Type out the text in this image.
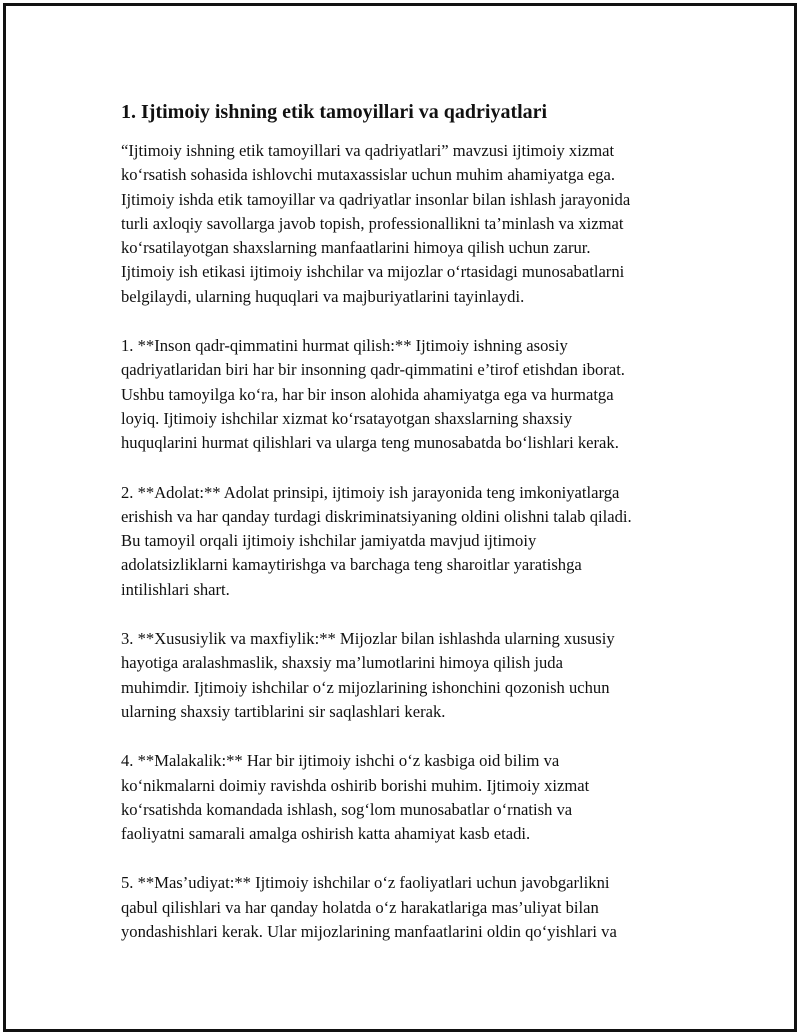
1. Ijtimoiy ishning etik tamoyillari va qadriyatlari

“Ijtimoiy ishning etik tamoyillari va qadriyatlari” mavzusi ijtimoiy xizmat
ko‘rsatish sohasida ishlovchi mutaxassislar uchun muhim ahamiyatga ega.
Ijtimoiy ishda etik tamoyillar va qadriyatlar insonlar bilan ishlash jarayonida
turli axloqiy savollarga javob topish, professionallikni ta’minlash va xizmat
ko‘rsatilayotgan shaxslarning manfaatlarini himoya qilish uchun zarur.
Ijtimoiy ish etikasi ijtimoiy ishchilar va mijozlar o‘rtasidagi munosabatlarni
belgilaydi, ularning huquqlari va majburiyatlarini tayinlaydi.

1. **Inson qadr-qimmatini hurmat qilish:** Ijtimoiy ishning asosiy
qadriyatlaridan biri har bir insonning qadr-qimmatini e’tirof etishdan iborat.
Ushbu tamoyilga ko‘ra, har bir inson alohida ahamiyatga ega va hurmatga
loyiq. Ijtimoiy ishchilar xizmat ko‘rsatayotgan shaxslarning shaxsiy
huquqlarini hurmat qilishlari va ularga teng munosabatda bo‘lishlari kerak.

2. **Adolat:** Adolat prinsipi, ijtimoiy ish jarayonida teng imkoniyatlarga
erishish va har qanday turdagi diskriminatsiyaning oldini olishni talab qiladi.
Bu tamoyil orqali ijtimoiy ishchilar jamiyatda mavjud ijtimoiy
adolatsizliklarni kamaytirishga va barchaga teng sharoitlar yaratishga
intilishlari shart.

3. **Xususiylik va maxfiylik:** Mijozlar bilan ishlashda ularning xususiy
hayotiga aralashmaslik, shaxsiy ma’lumotlarini himoya qilish juda
muhimdir. Ijtimoiy ishchilar o‘z mijozlarining ishonchini qozonish uchun
ularning shaxsiy tartiblarini sir saqlashlari kerak.

4. **Malakalik:** Har bir ijtimoiy ishchi o‘z kasbiga oid bilim va
ko‘nikmalarni doimiy ravishda oshirib borishi muhim. Ijtimoiy xizmat
ko‘rsatishda komandada ishlash, sog‘lom munosabatlar o‘rnatish va
faoliyatni samarali amalga oshirish katta ahamiyat kasb etadi.

5. **Mas’udiyat:** Ijtimoiy ishchilar o‘z faoliyatlari uchun javobgarlikni
qabul qilishlari va har qanday holatda o‘z harakatlariga mas’uliyat bilan
yondashishlari kerak. Ular mijozlarining manfaatlarini oldin qo‘yishlari va
